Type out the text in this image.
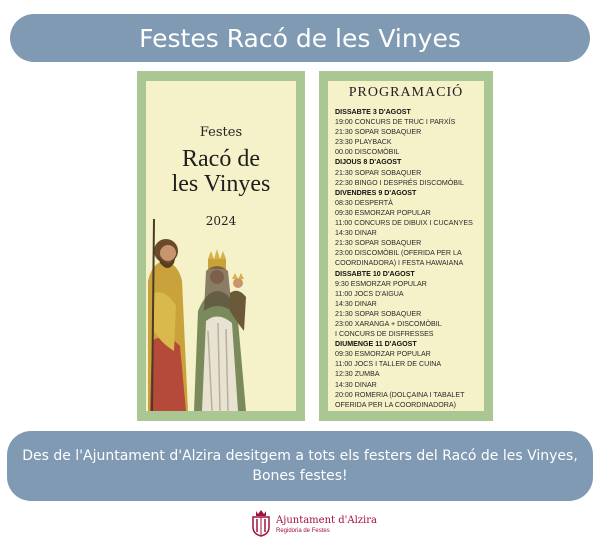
Festes Racó de les Vinyes
Festes
Racó de
les Vinyes
2024
PROGRAMACIÓ
DISSABTE 3 D'AGOST
19:00 CONCURS DE TRUC I PARXÍS
21:30 SOPAR SOBAQUER
23:30 PLAYBACK
00.00 DISCOMÒBIL
DIJOUS 8 D'AGOST
21:30 SOPAR SOBAQUER
22:30 BINGO I DESPRÉS DISCOMÒBIL
DIVENDRES 9 D'AGOST
08:30 DESPERTÀ
09:30 ESMORZAR POPULAR
11:00 CONCURS DE DIBUIX I CUCANYES
14:30 DINAR
21:30 SOPAR SOBAQUER
23:00 DISCOMÒBIL (OFERIDA PER LA
COORDINADORA) I FESTA HAWAIANA
DISSABTE 10 D'AGOST
9:30 ESMORZAR POPULAR
11:00 JOCS D'AIGUA
14:30 DINAR
21:30 SOPAR SOBAQUER
23:00 XARANGA + DISCOMÒBIL
I CONCURS DE DISFRESSES
DIUMENGE 11 D'AGOST
09:30 ESMORZAR POPULAR
11:00 JOCS I TALLER DE CUINA
12:30 ZUMBA
14:30 DINAR
20:00 ROMERIA (DOLÇAINA I TABALET
OFERIDA PER LA COORDINADORA)
Des de l'Ajuntament d'Alzira desitgem a tots els festers del Racó de les Vinyes,
Bones festes!
Ajuntament d'Alzira
Regidoria de Festes
